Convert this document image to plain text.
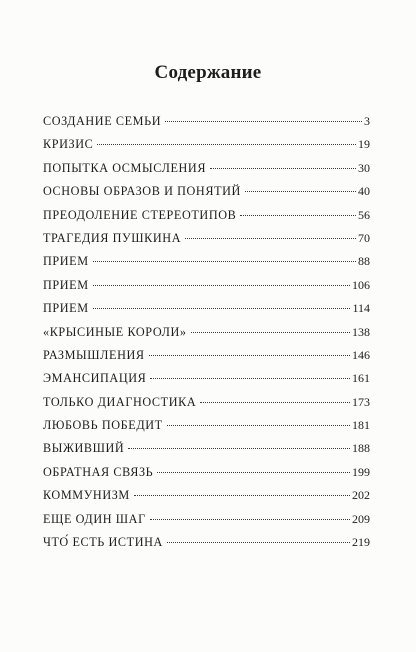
Содержание
СОЗДАНИЕ СЕМЬИ	3
КРИЗИС	19
ПОПЫТКА ОСМЫСЛЕНИЯ	30
ОСНОВЫ ОБРАЗОВ И ПОНЯТИЙ	40
ПРЕОДОЛЕНИЕ СТЕРЕОТИПОВ	56
ТРАГЕДИЯ ПУШКИНА	70
ПРИЕМ	88
ПРИЕМ	106
ПРИЕМ	114
«КРЫСИНЫЕ КОРОЛИ»	138
РАЗМЫШЛЕНИЯ	146
ЭМАНСИПАЦИЯ	161
ТОЛЬКО ДИАГНОСТИКА	173
ЛЮБОВЬ ПОБЕДИТ	181
ВЫЖИВШИЙ	188
ОБРАТНАЯ СВЯЗЬ	199
КОММУНИЗМ	202
ЕЩЕ ОДИН ШАГ	209
ЧТО́ ЕСТЬ ИСТИНА	219
